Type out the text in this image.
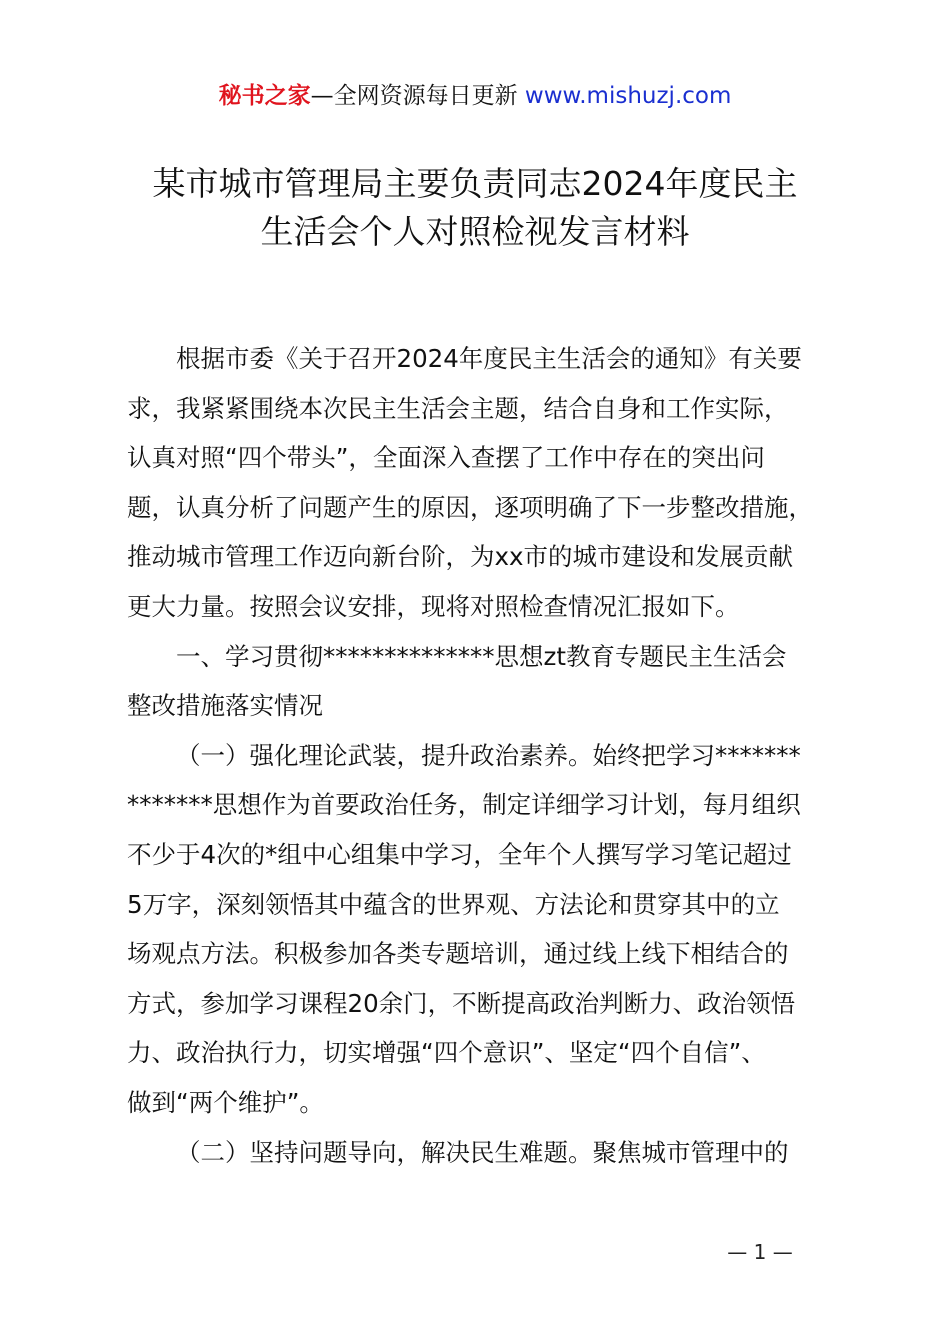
秘书之家—全网资源每日更新 www.mishuzj.com
某市城市管理局主要负责同志2024年度民主
生活会个人对照检视发言材料
根据市委《关于召开2024年度民主生活会的通知》有关要
求，我紧紧围绕本次民主生活会主题，结合自身和工作实际，
认真对照“四个带头”，全面深入查摆了工作中存在的突出问
题，认真分析了问题产生的原因，逐项明确了下一步整改措施，
推动城市管理工作迈向新台阶，为xx市的城市建设和发展贡献
更大力量。按照会议安排，现将对照检查情况汇报如下。
一、学习贯彻**************思想zt教育专题民主生活会
整改措施落实情况
（一）强化理论武装，提升政治素养。始终把学习*******
*******思想作为首要政治任务，制定详细学习计划，每月组织
不少于4次的*组中心组集中学习，全年个人撰写学习笔记超过
5万字，深刻领悟其中蕴含的世界观、方法论和贯穿其中的立
场观点方法。积极参加各类专题培训，通过线上线下相结合的
方式，参加学习课程20余门，不断提高政治判断力、政治领悟
力、政治执行力，切实增强“四个意识”、坚定“四个自信”、
做到“两个维护”。
（二）坚持问题导向，解决民生难题。聚焦城市管理中的
— 1 —
